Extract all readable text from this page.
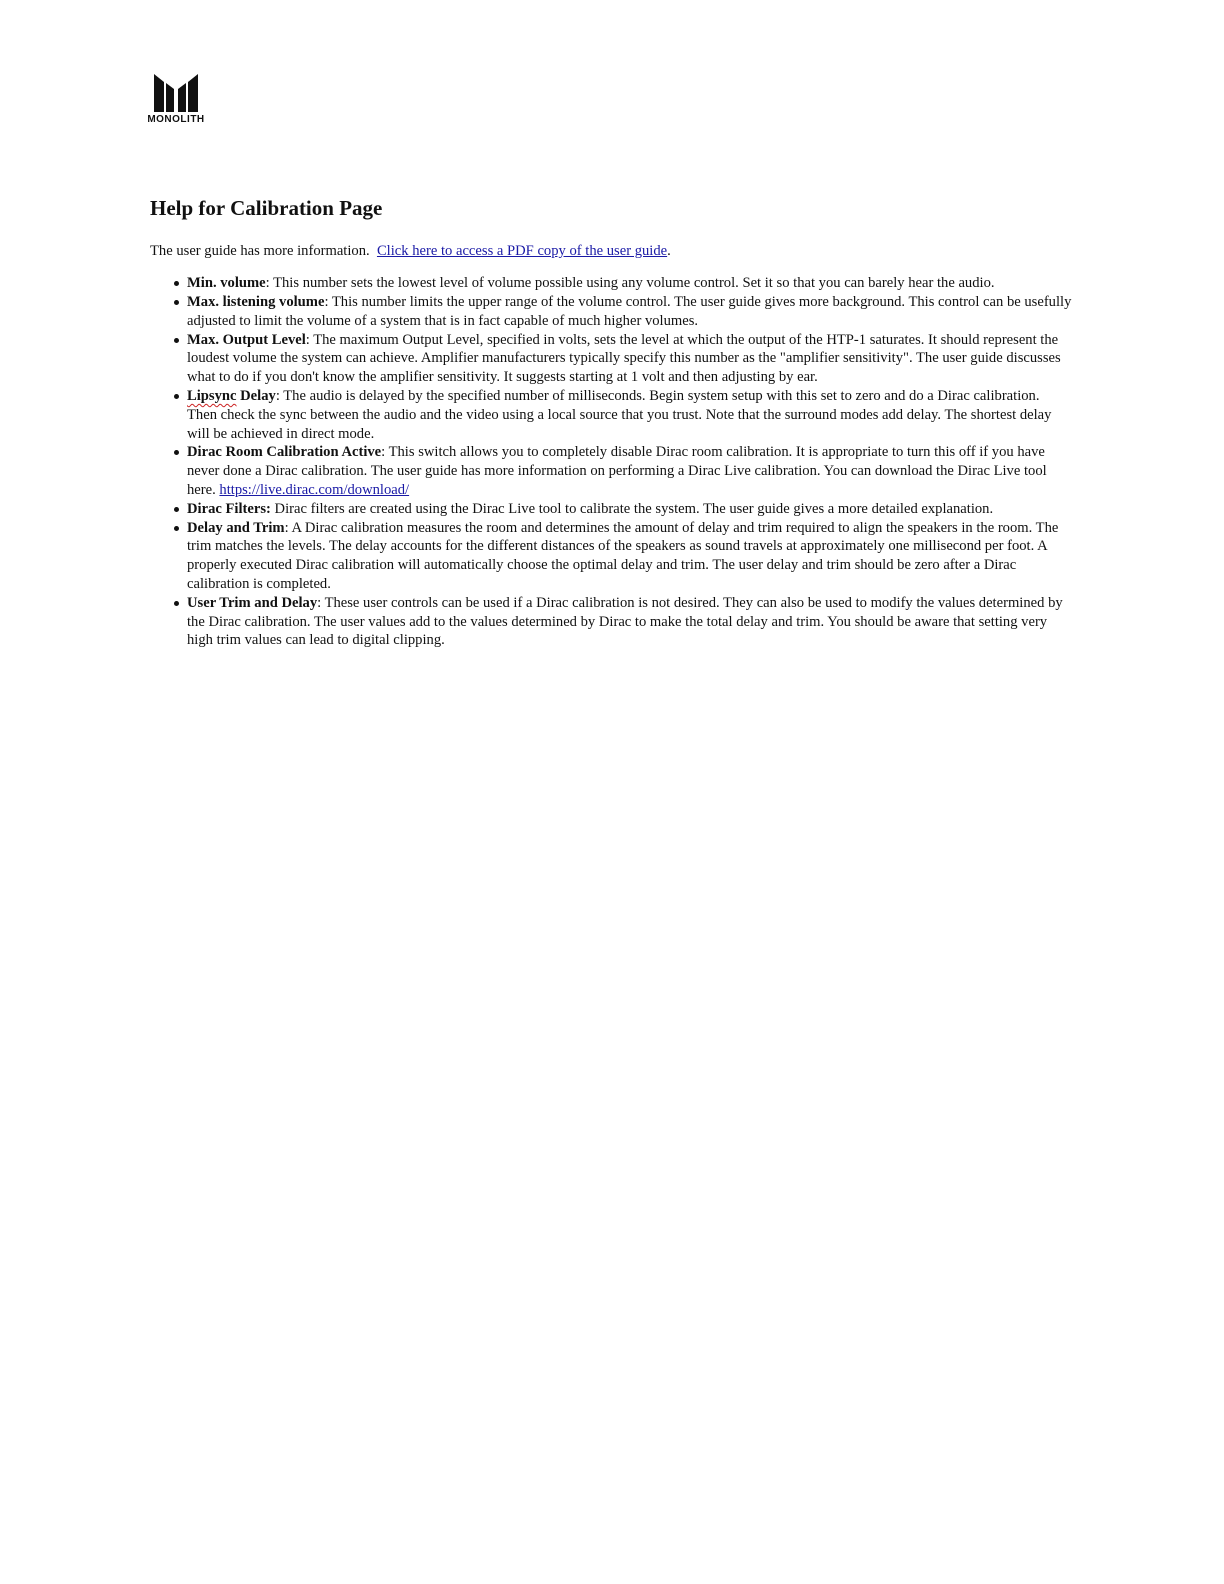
MONOLITH
Help for Calibration Page

The user guide has more information. Click here to access a PDF copy of the user guide.

Min. volume: This number sets the lowest level of volume possible using any volume control. Set it so that you can barely hear the audio.
Max. listening volume: This number limits the upper range of the volume control. The user guide gives more background. This control can be usefully adjusted to limit the volume of a system that is in fact capable of much higher volumes.
Max. Output Level: The maximum Output Level, specified in volts, sets the level at which the output of the HTP-1 saturates. It should represent the loudest volume the system can achieve. Amplifier manufacturers typically specify this number as the "amplifier sensitivity". The user guide discusses what to do if you don't know the amplifier sensitivity. It suggests starting at 1 volt and then adjusting by ear.
Lipsync Delay: The audio is delayed by the specified number of milliseconds. Begin system setup with this set to zero and do a Dirac calibration. Then check the sync between the audio and the video using a local source that you trust. Note that the surround modes add delay. The shortest delay will be achieved in direct mode.
Dirac Room Calibration Active: This switch allows you to completely disable Dirac room calibration. It is appropriate to turn this off if you have never done a Dirac calibration. The user guide has more information on performing a Dirac Live calibration. You can download the Dirac Live tool here. https://live.dirac.com/download/
Dirac Filters: Dirac filters are created using the Dirac Live tool to calibrate the system. The user guide gives a more detailed explanation.
Delay and Trim: A Dirac calibration measures the room and determines the amount of delay and trim required to align the speakers in the room. The trim matches the levels. The delay accounts for the different distances of the speakers as sound travels at approximately one millisecond per foot. A properly executed Dirac calibration will automatically choose the optimal delay and trim. The user delay and trim should be zero after a Dirac calibration is completed.
User Trim and Delay: These user controls can be used if a Dirac calibration is not desired. They can also be used to modify the values determined by the Dirac calibration. The user values add to the values determined by Dirac to make the total delay and trim. You should be aware that setting very high trim values can lead to digital clipping.
